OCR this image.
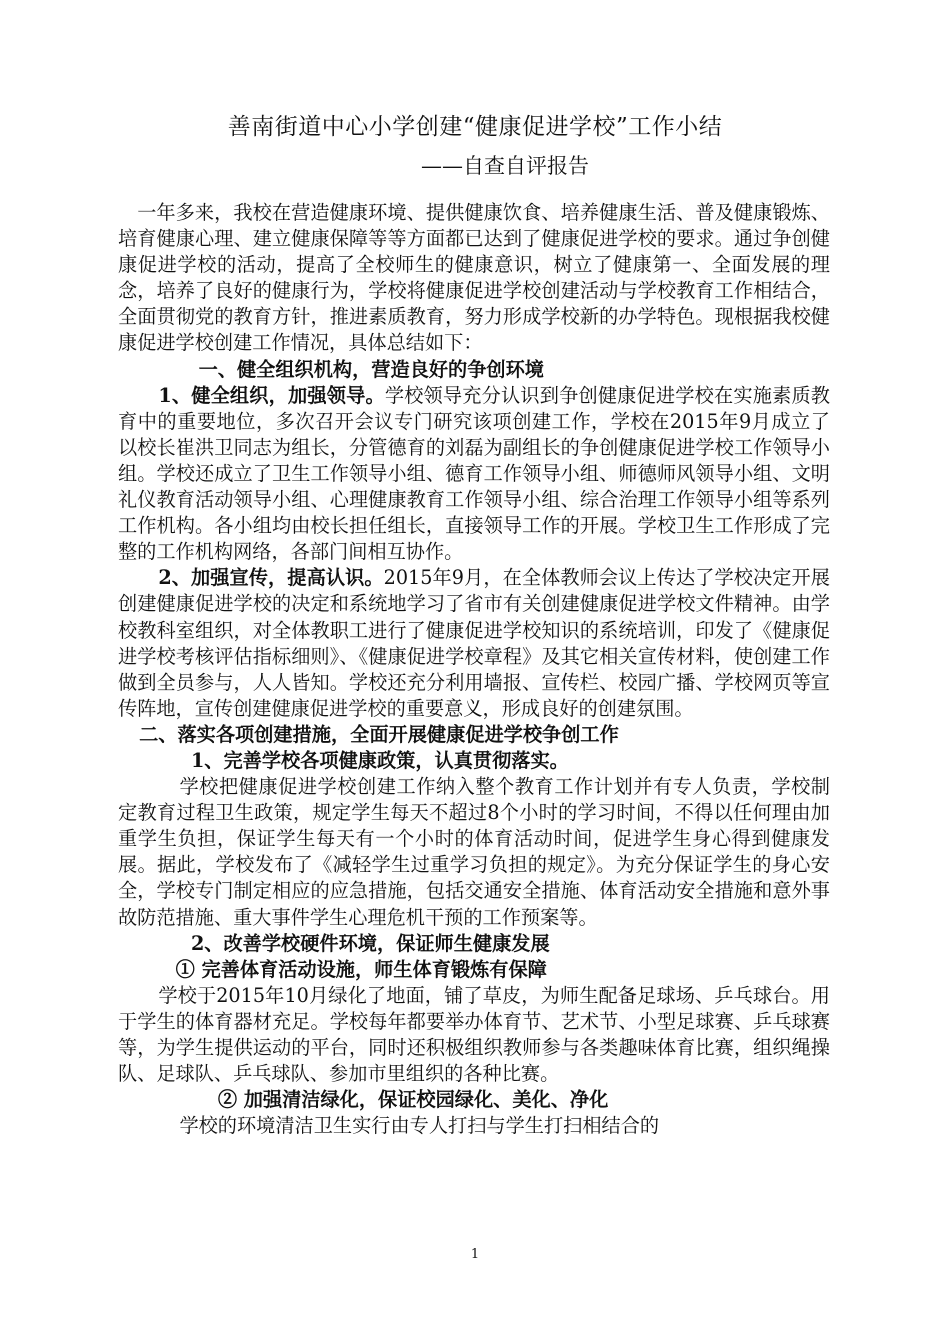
善南街道中心小学创建“健康促进学校”工作小结
——自查自评报告

一年多来，我校在营造健康环境、提供健康饮食、培养健康生活、普及健康锻炼、培育健康心理、建立健康保障等等方面都已达到了健康促进学校的要求。通过争创健康促进学校的活动，提高了全校师生的健康意识，树立了健康第一、全面发展的理念，培养了良好的健康行为，学校将健康促进学校创建活动与学校教育工作相结合，全面贯彻党的教育方针，推进素质教育，努力形成学校新的办学特色。现根据我校健康促进学校创建工作情况，具体总结如下：

一、健全组织机构，营造良好的争创环境

1、健全组织，加强领导。学校领导充分认识到争创健康促进学校在实施素质教育中的重要地位，多次召开会议专门研究该项创建工作，学校在2015年9月成立了以校长崔洪卫同志为组长，分管德育的刘磊为副组长的争创健康促进学校工作领导小组。学校还成立了卫生工作领导小组、德育工作领导小组、师德师风领导小组、文明礼仪教育活动领导小组、心理健康教育工作领导小组、综合治理工作领导小组等系列工作机构。各小组均由校长担任组长，直接领导工作的开展。学校卫生工作形成了完整的工作机构网络，各部门间相互协作。

2、加强宣传，提高认识。2015年9月，在全体教师会议上传达了学校决定开展创建健康促进学校的决定和系统地学习了省市有关创建健康促进学校文件精神。由学校教科室组织，对全体教职工进行了健康促进学校知识的系统培训，印发了《健康促进学校考核评估指标细则》、《健康促进学校章程》及其它相关宣传材料，使创建工作做到全员参与，人人皆知。学校还充分利用墙报、宣传栏、校园广播、学校网页等宣传阵地，宣传创建健康促进学校的重要意义，形成良好的创建氛围。

二、落实各项创建措施，全面开展健康促进学校争创工作

1、完善学校各项健康政策，认真贯彻落实。

学校把健康促进学校创建工作纳入整个教育工作计划并有专人负责，学校制定教育过程卫生政策，规定学生每天不超过8个小时的学习时间，不得以任何理由加重学生负担，保证学生每天有一个小时的体育活动时间，促进学生身心得到健康发展。据此，学校发布了《减轻学生过重学习负担的规定》。为充分保证学生的身心安全，学校专门制定相应的应急措施，包括交通安全措施、体育活动安全措施和意外事故防范措施、重大事件学生心理危机干预的工作预案等。

2、改善学校硬件环境，保证师生健康发展

① 完善体育活动设施，师生体育锻炼有保障

学校于2015年10月绿化了地面，铺了草皮，为师生配备足球场、乒乓球台。用于学生的体育器材充足。学校每年都要举办体育节、艺术节、小型足球赛、乒乓球赛等，为学生提供运动的平台，同时还积极组织教师参与各类趣味体育比赛，组织绳操队、足球队、乒乓球队、参加市里组织的各种比赛。

② 加强清洁绿化，保证校园绿化、美化、净化

学校的环境清洁卫生实行由专人打扫与学生打扫相结合的

1
